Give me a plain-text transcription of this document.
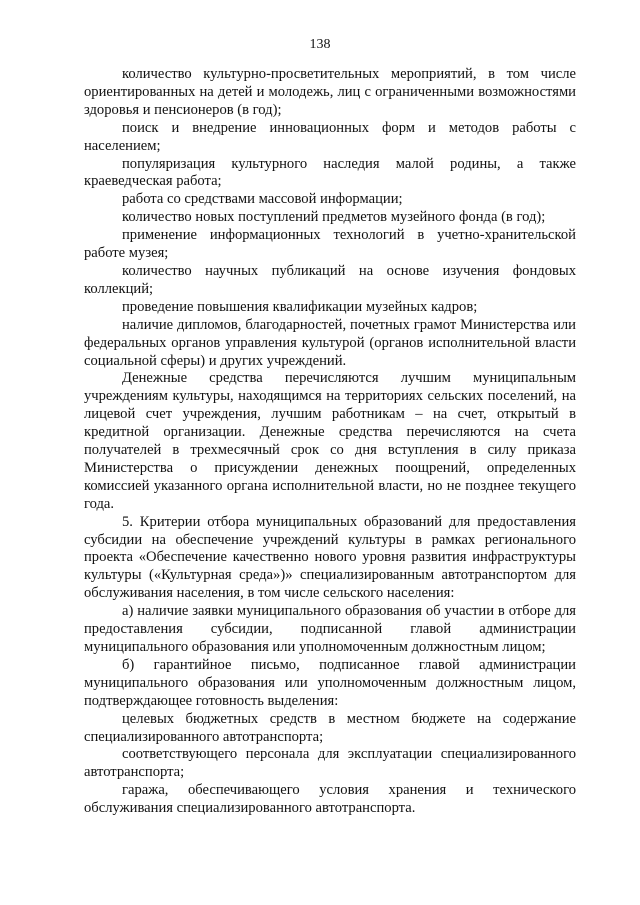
138

количество культурно-просветительных мероприятий, в том числе ориентированных на детей и молодежь, лиц с ограниченными возможностями здоровья и пенсионеров (в год);

поиск и внедрение инновационных форм и методов работы с населением;

популяризация культурного наследия малой родины, а также краеведческая работа;

работа со средствами массовой информации;

количество новых поступлений предметов музейного фонда (в год);

применение информационных технологий в учетно-хранительской работе музея;

количество научных публикаций на основе изучения фондовых коллекций;

проведение повышения квалификации музейных кадров;

наличие дипломов, благодарностей, почетных грамот Министерства или федеральных органов управления культурой (органов исполнительной власти социальной сферы) и других учреждений.

Денежные средства перечисляются лучшим муниципальным учреждениям культуры, находящимся на территориях сельских поселений, на лицевой счет учреждения, лучшим работникам – на счет, открытый в кредитной организации. Денежные средства перечисляются на счета получателей в трехмесячный срок со дня вступления в силу приказа Министерства о присуждении денежных поощрений, определенных комиссией указанного органа исполнительной власти, но не позднее текущего года.

5. Критерии отбора муниципальных образований для предоставления субсидии на обеспечение учреждений культуры в рамках регионального проекта «Обеспечение качественно нового уровня развития инфраструктуры культуры («Культурная среда»)» специализированным автотранспортом для обслуживания населения, в том числе сельского населения:

а) наличие заявки муниципального образования об участии в отборе для предоставления субсидии, подписанной главой администрации муниципального образования или уполномоченным должностным лицом;

б) гарантийное письмо, подписанное главой администрации муниципального образования или уполномоченным должностным лицом, подтверждающее готовность выделения:

целевых бюджетных средств в местном бюджете на содержание специализированного автотранспорта;

соответствующего персонала для эксплуатации специализированного автотранспорта;

гаража, обеспечивающего условия хранения и технического обслуживания специализированного автотранспорта.
